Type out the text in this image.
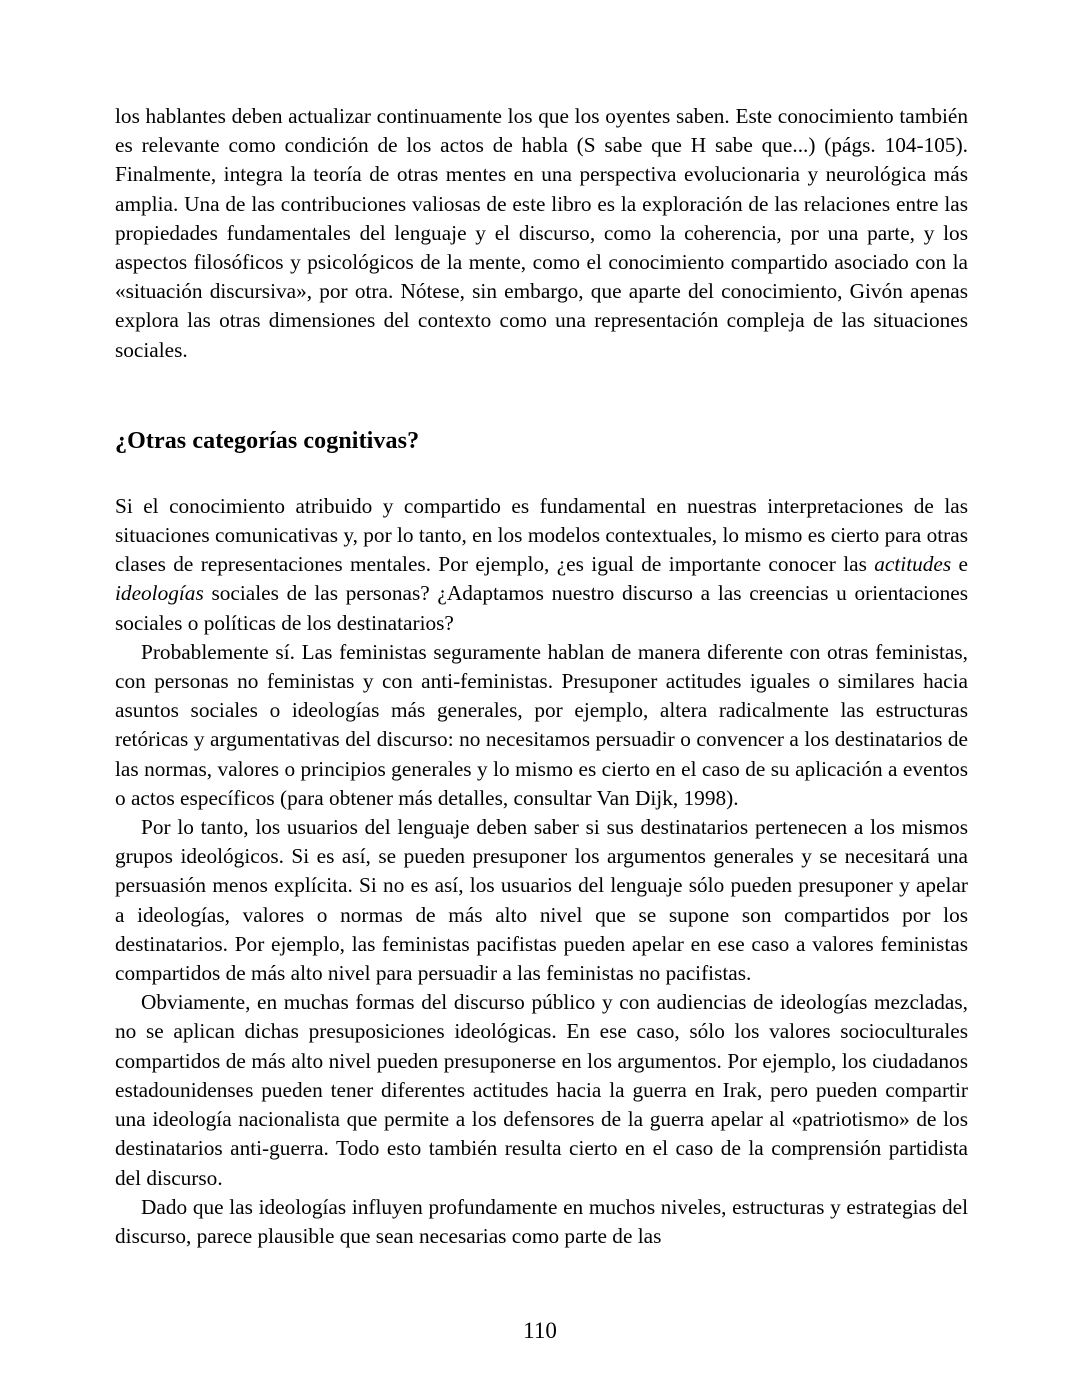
los hablantes deben actualizar continuamente los que los oyentes saben. Este conocimiento también es relevante como condición de los actos de habla (S sabe que H sabe que...) (págs. 104-105). Finalmente, integra la teoría de otras mentes en una perspectiva evolucionaria y neurológica más amplia. Una de las contribuciones valiosas de este libro es la exploración de las relaciones entre las propiedades fundamentales del lenguaje y el discurso, como la coherencia, por una parte, y los aspectos filosóficos y psicológicos de la mente, como el conocimiento compartido asociado con la «situación discursiva», por otra. Nótese, sin embargo, que aparte del conocimiento, Givón apenas explora las otras dimensiones del contexto como una representación compleja de las situaciones sociales.

¿Otras categorías cognitivas?

Si el conocimiento atribuido y compartido es fundamental en nuestras interpretaciones de las situaciones comunicativas y, por lo tanto, en los modelos contextuales, lo mismo es cierto para otras clases de representaciones mentales. Por ejemplo, ¿es igual de importante conocer las actitudes e ideologías sociales de las personas? ¿Adaptamos nuestro discurso a las creencias u orientaciones sociales o políticas de los destinatarios?

Probablemente sí. Las feministas seguramente hablan de manera diferente con otras feministas, con personas no feministas y con anti-feministas. Presuponer actitudes iguales o similares hacia asuntos sociales o ideologías más generales, por ejemplo, altera radicalmente las estructuras retóricas y argumentativas del discurso: no necesitamos persuadir o convencer a los destinatarios de las normas, valores o principios generales y lo mismo es cierto en el caso de su aplicación a eventos o actos específicos (para obtener más detalles, consultar Van Dijk, 1998).

Por lo tanto, los usuarios del lenguaje deben saber si sus destinatarios pertenecen a los mismos grupos ideológicos. Si es así, se pueden presuponer los argumentos generales y se necesitará una persuasión menos explícita. Si no es así, los usuarios del lenguaje sólo pueden presuponer y apelar a ideologías, valores o normas de más alto nivel que se supone son compartidos por los destinatarios. Por ejemplo, las feministas pacifistas pueden apelar en ese caso a valores feministas compartidos de más alto nivel para persuadir a las feministas no pacifistas.

Obviamente, en muchas formas del discurso público y con audiencias de ideologías mezcladas, no se aplican dichas presuposiciones ideológicas. En ese caso, sólo los valores socioculturales compartidos de más alto nivel pueden presuponerse en los argumentos. Por ejemplo, los ciudadanos estadounidenses pueden tener diferentes actitudes hacia la guerra en Irak, pero pueden compartir una ideología nacionalista que permite a los defensores de la guerra apelar al «patriotismo» de los destinatarios anti-guerra. Todo esto también resulta cierto en el caso de la comprensión partidista del discurso.

Dado que las ideologías influyen profundamente en muchos niveles, estructuras y estrategias del discurso, parece plausible que sean necesarias como parte de las

110
